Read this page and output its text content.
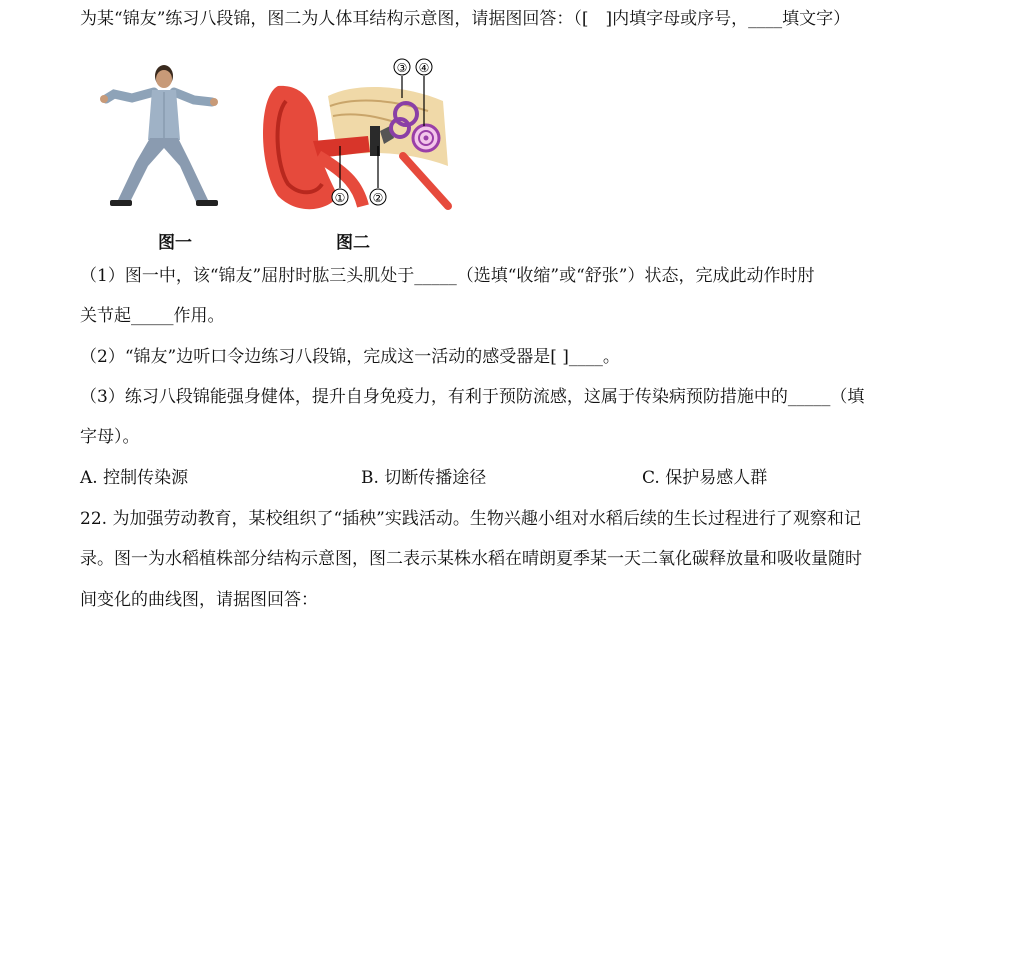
为某“锦友”练习八段锦，图二为人体耳结构示意图，请据图回答：（[　]内填字母或序号，____填文字）
图一
① ②
③ ④
图二
（1）图一中，该“锦友”屈肘时肱三头肌处于_____（选填“收缩”或“舒张”）状态，完成此动作时肘
关节起_____作用。
（2）“锦友”边听口令边练习八段锦，完成这一活动的感受器是[ ]____。
（3）练习八段锦能强身健体，提升自身免疫力，有利于预防流感，这属于传染病预防措施中的_____（填
字母）。
A. 控制传染源	B. 切断传播途径	C. 保护易感人群
22. 为加强劳动教育，某校组织了“插秧”实践活动。生物兴趣小组对水稻后续的生长过程进行了观察和记
录。图一为水稻植株部分结构示意图，图二表示某株水稻在晴朗夏季某一天二氧化碳释放量和吸收量随时
间变化的曲线图，请据图回答：
